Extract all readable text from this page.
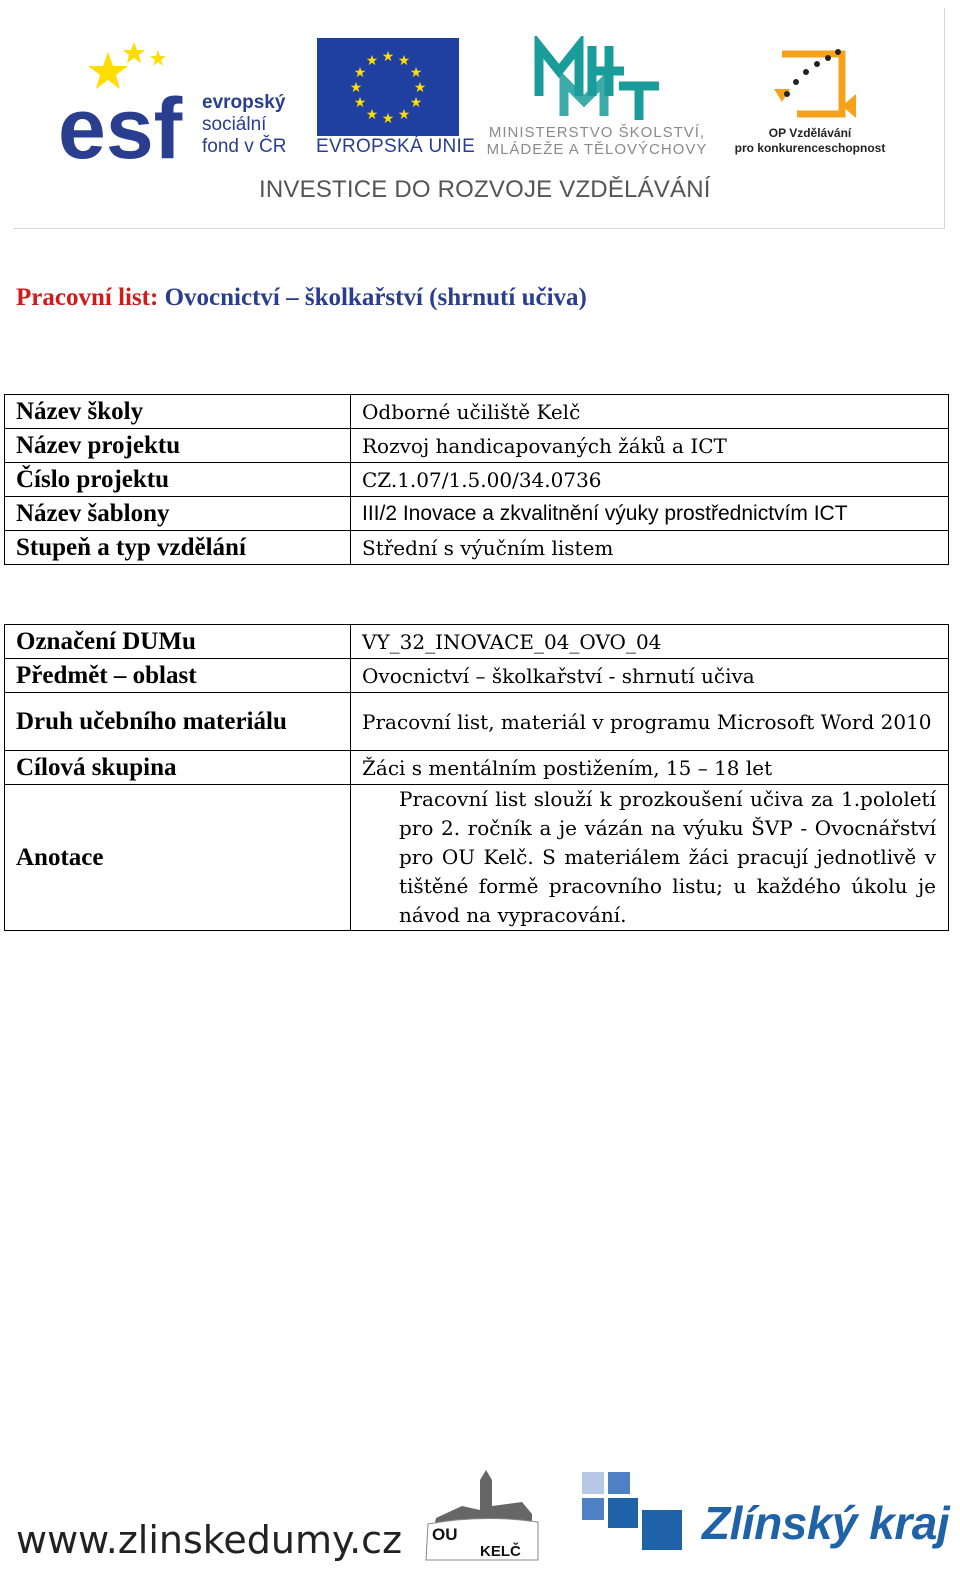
esf evropský
sociální
fond v ČR
★ ★
★
★
★
★
★
★
★
★
★
★
EVROPSKÁ UNIE
MINISTERSTVO ŠKOLSTVÍ,
MLÁDEŽE A TĚLOVÝCHOVY
OP Vzdělávání
pro konkurenceschopnost
INVESTICE DO ROZVOJE VZDĚLÁVÁNÍ
Pracovní list: Ovocnictví – školkařství (shrnutí učiva)
Název školy	Odborné učiliště Kelč
Název projektu	Rozvoj handicapovaných žáků a ICT
Číslo projektu	CZ.1.07/1.5.00/34.0736
Název šablony	III/2 Inovace a zkvalitnění výuky prostřednictvím ICT
Stupeň a typ vzdělání	Střední s výučním listem
Označení DUMu	VY_32_INOVACE_04_OVO_04
Předmět – oblast	Ovocnictví – školkařství - shrnutí učiva
Druh učebního materiálu	Pracovní list, materiál v programu Microsoft Word 2010
Cílová skupina	Žáci s mentálním postižením, 15 – 18 let
Anotace	Pracovní list slouží k prozkoušení učiva za 1.pololetí pro 2. ročník a je vázán na výuku ŠVP - Ovocnářství pro OU Kelč. S materiálem žáci pracují jednotlivě v tištěné formě pracovního listu; u každého úkolu je návod na vypracování.
www.zlinskedumy.cz OU
KELČ
Zlínský kraj
